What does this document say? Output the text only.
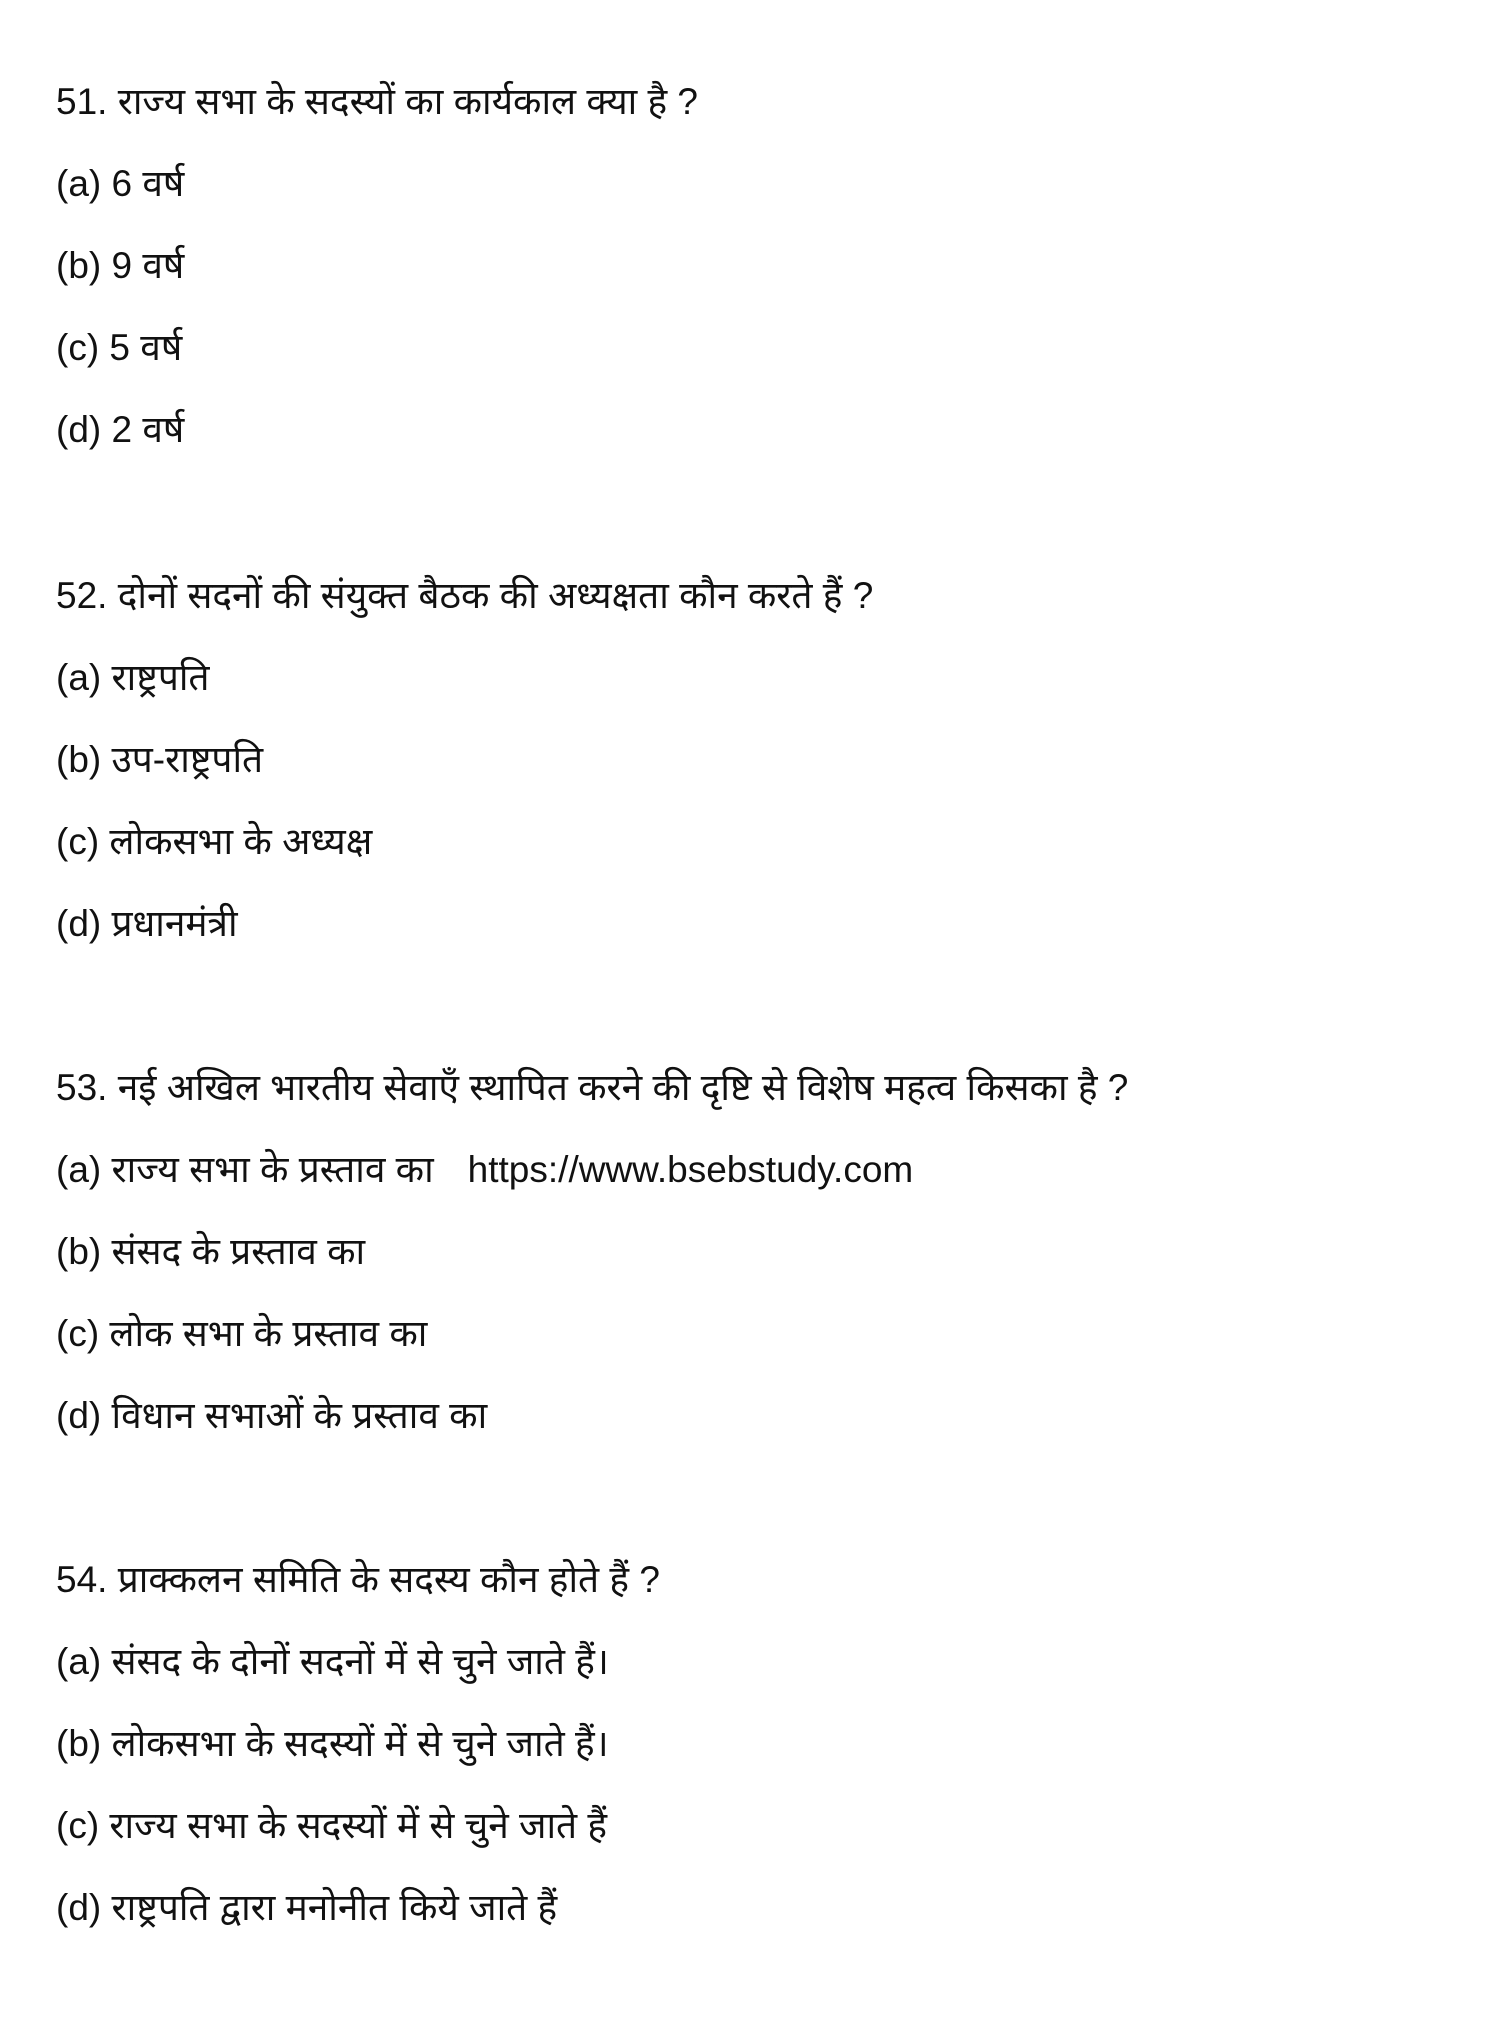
51. राज्य सभा के सदस्यों का कार्यकाल क्या है ?
(a) 6 वर्ष
(b) 9 वर्ष
(c) 5 वर्ष
(d) 2 वर्ष
52. दोनों सदनों की संयुक्त बैठक की अध्यक्षता कौन करते हैं ?
(a) राष्ट्रपति
(b) उप-राष्ट्रपति
(c) लोकसभा के अध्यक्ष
(d) प्रधानमंत्री
53. नई अखिल भारतीय सेवाएँ स्थापित करने की दृष्टि से विशेष महत्व किसका है ?
(a) राज्य सभा के प्रस्ताव का https://www.bsebstudy.com
(b) संसद के प्रस्ताव का
(c) लोक सभा के प्रस्ताव का
(d) विधान सभाओं के प्रस्ताव का
54. प्राक्कलन समिति के सदस्य कौन होते हैं ?
(a) संसद के दोनों सदनों में से चुने जाते हैं।
(b) लोकसभा के सदस्यों में से चुने जाते हैं।
(c) राज्य सभा के सदस्यों में से चुने जाते हैं
(d) राष्ट्रपति द्वारा मनोनीत किये जाते हैं
